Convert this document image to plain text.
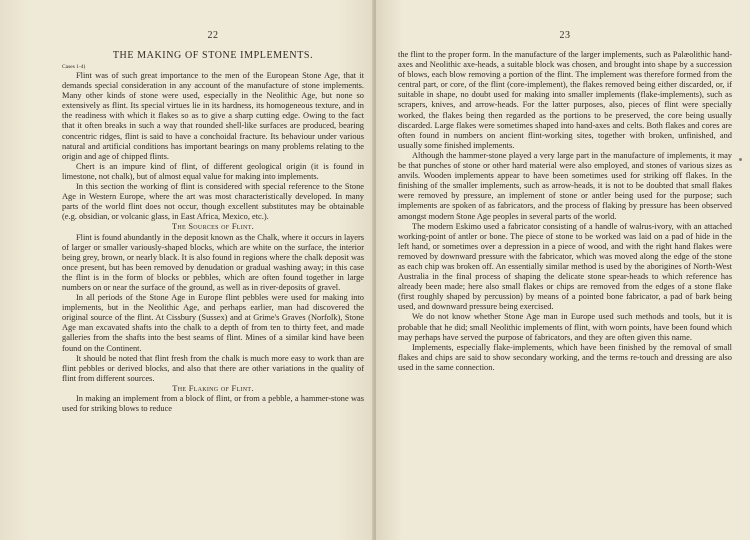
22
THE MAKING OF STONE IMPLEMENTS.
Cases 1-4)

Flint was of such great importance to the men of the European Stone Age, that it demands special consideration in any account of the manufacture of stone implements. Many other kinds of stone were used, especially in the Neolithic Age, but none so extensively as flint. Its special virtues lie in its hardness, its homogeneous texture, and in the readiness with which it flakes so as to give a sharp cutting edge. Owing to the fact that it often breaks in such a way that rounded shell-like surfaces are produced, bearing concentric ridges, flint is said to have a conchoidal fracture. Its behaviour under various natural and artificial conditions has important bearings on many problems relating to the origin and age of chipped flints.

Chert is an impure kind of flint, of different geological origin (it is found in limestone, not chalk), but of almost equal value for making into implements.

In this section the working of flint is considered with special reference to the Stone Age in Western Europe, where the art was most characteristically developed. In many parts of the world flint does not occur, though excellent substitutes may be obtainable (e.g. obsidian, or volcanic glass, in East Africa, Mexico, etc.).

The Sources of Flint.

Flint is found abundantly in the deposit known as the Chalk, where it occurs in layers of larger or smaller variously-shaped blocks, which are white on the surface, the interior being grey, brown, or nearly black. It is also found in regions where the chalk deposit was once present, but has been removed by denudation or gradual washing away; in this case the flint is in the form of blocks or pebbles, which are often found together in large numbers on or near the surface of the ground, as well as in river-deposits of gravel.

In all periods of the Stone Age in Europe flint pebbles were used for making into implements, but in the Neolithic Age, and perhaps earlier, man had discovered the original source of the flint. At Cissbury (Sussex) and at Grime's Graves (Norfolk), Stone Age man excavated shafts into the chalk to a depth of from ten to thirty feet, and made galleries from the shafts into the best seams of flint. Mines of a similar kind have been found on the Continent.

It should be noted that flint fresh from the chalk is much more easy to work than are flint pebbles or derived blocks, and also that there are other variations in the quality of flint from different sources.

The Flaking of Flint.

In making an implement from a block of flint, or from a pebble, a hammer-stone was used for striking blows to reduce

23

the flint to the proper form. In the manufacture of the larger implements, such as Palæolithic hand-axes and Neolithic axe-heads, a suitable block was chosen, and brought into shape by a succession of blows, each blow removing a portion of the flint. The implement was therefore formed from the central part, or core, of the flint (core-implement), the flakes removed being either discarded, or, if suitable in shape, no doubt used for making into smaller implements (flake-implements), such as scrapers, knives, and arrow-heads. For the latter purposes, also, pieces of flint were specially worked, the flakes being then regarded as the portions to be preserved, the core being usually discarded. Large flakes were sometimes shaped into hand-axes and celts. Both flakes and cores are often found in numbers on ancient flint-working sites, together with broken, unfinished, and usually some finished implements.

Although the hammer-stone played a very large part in the manufacture of implements, it may be that punches of stone or other hard material were also employed, and stones of various sizes as anvils. Wooden implements appear to have been sometimes used for striking off flakes. In the finishing of the smaller implements, such as arrow-heads, it is not to be doubted that small flakes were removed by pressure, an implement of stone or antler being used for the purpose; such implements are spoken of as fabricators, and the process of flaking by pressure has been observed amongst modern Stone Age peoples in several parts of the world.

The modern Eskimo used a fabricator consisting of a handle of walrus-ivory, with an attached working-point of antler or bone. The piece of stone to be worked was laid on a pad of hide in the left hand, or sometimes over a depression in a piece of wood, and with the right hand flakes were removed by downward pressure with the fabricator, which was moved along the edge of the stone as each chip was broken off. An essentially similar method is used by the aborigines of North-West Australia in the final process of shaping the delicate stone spear-heads to which reference has already been made; here also small flakes or chips are removed from the edges of a stone flake (first roughly shaped by percussion) by means of a pointed bone fabricator, a pad of bark being used, and downward pressure being exercised.

We do not know whether Stone Age man in Europe used such methods and tools, but it is probable that he did; small Neolithic implements of flint, with worn points, have been found which may perhaps have served the purpose of fabricators, and they are often given this name.

Implements, especially flake-implements, which have been finished by the removal of small flakes and chips are said to show secondary working, and the terms re-touch and dressing are also used in the same connection.
